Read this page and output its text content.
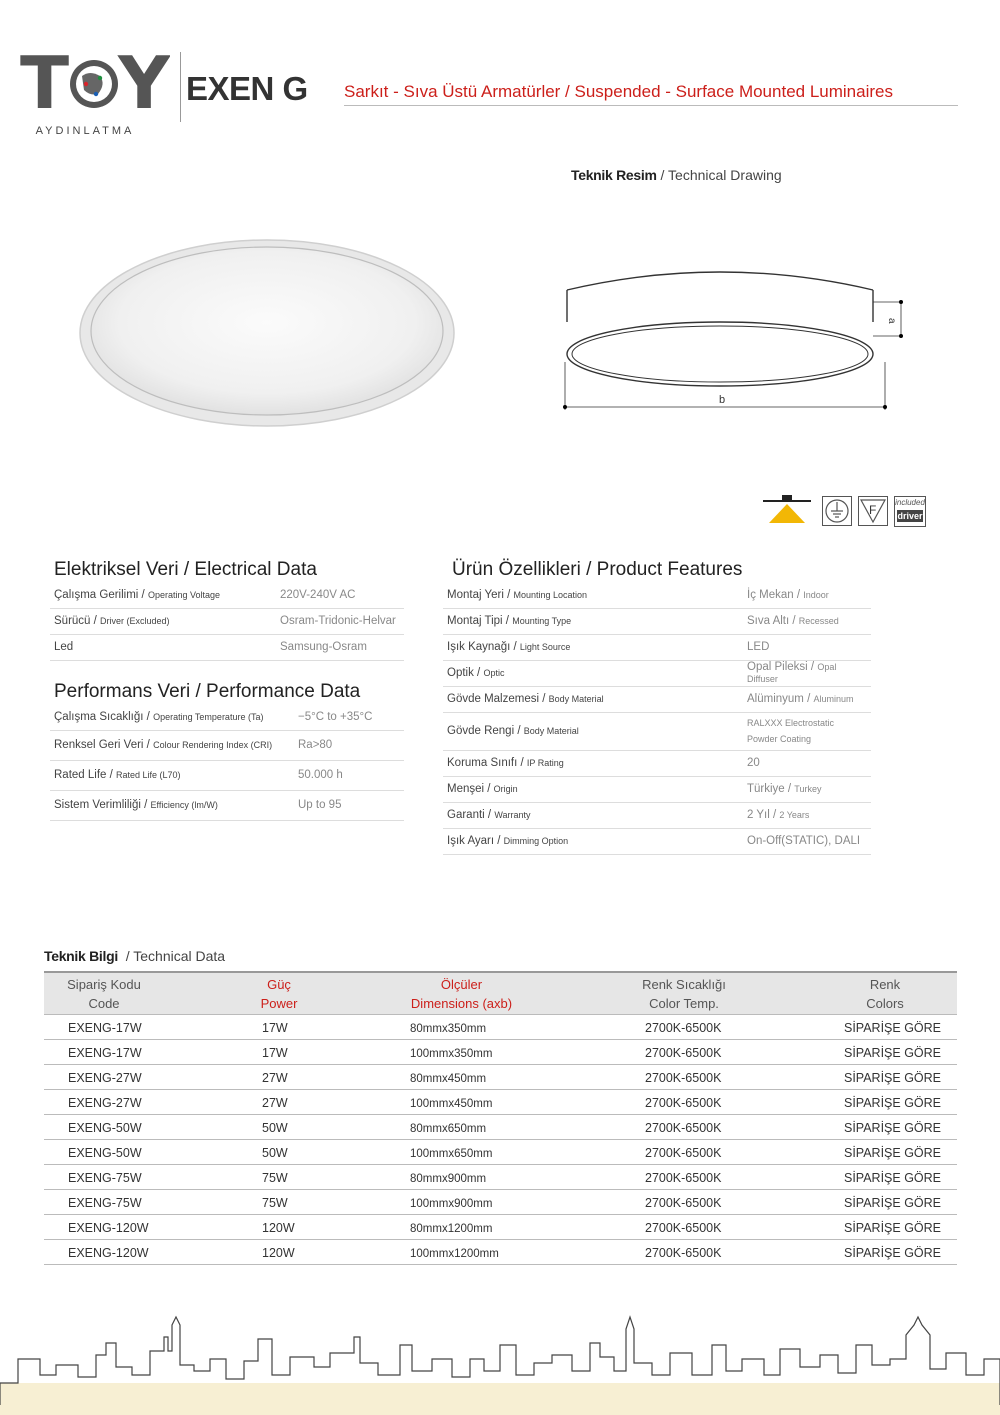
T Y
AYDINLATMA
EXEN G Sarkıt - Sıva Üstü Armatürler / Suspended - Surface Mounted Luminaires
Teknik Resim / Technical Drawing
a
b
F
included
driver
Elektriksel Veri / Electrical Data
Çalışma Gerilimi / Operating Voltage	220V-240V AC
Sürücü / Driver (Excluded)	Osram-Tridonic-Helvar
Led	Samsung-Osram
Performans Veri / Performance Data
Çalışma Sıcaklığı / Operating Temperature (Ta)	−5°C to +35°C
Renksel Geri Veri / Colour Rendering Index (CRI)	Ra>80
Rated Life / Rated Life (L70)	50.000 h
Sistem Verimliliği / Efficiency (lm/W)	Up to 95
Ürün Özellikleri / Product Features
Montaj Yeri / Mounting Location	İç Mekan / Indoor
Montaj Tipi / Mounting Type	Sıva Altı / Recessed
Işık Kaynağı / Light Source	LED
Optik / Optic	Opal Pileksi / Opal Diffuser
Gövde Malzemesi / Body Material	Alüminyum / Aluminum
Gövde Rengi / Body Material	RALXXX Electrostatic Powder Coating

Koruma Sınıfı / IP Rating	20
Menşei / Origin	Türkiye / Turkey
Garanti / Warranty	2 Yıl / 2 Years
Işık Ayarı / Dimming Option	On-Off(STATIC), DALI
Teknik Bilgi  / Technical Data
Sipariş Kodu
Code
Güç
Power
Ölçüler
Dimensions (axb)
Renk Sıcaklığı
Color Temp.
Renk
Colors
EXENG-17W	17W	80mmx350mm	2700K-6500K	SİPARİŞE GÖRE
EXENG-17W	17W	100mmx350mm	2700K-6500K	SİPARİŞE GÖRE
EXENG-27W	27W	80mmx450mm	2700K-6500K	SİPARİŞE GÖRE
EXENG-27W	27W	100mmx450mm	2700K-6500K	SİPARİŞE GÖRE
EXENG-50W	50W	80mmx650mm	2700K-6500K	SİPARİŞE GÖRE
EXENG-50W	50W	100mmx650mm	2700K-6500K	SİPARİŞE GÖRE
EXENG-75W	75W	80mmx900mm	2700K-6500K	SİPARİŞE GÖRE
EXENG-75W	75W	100mmx900mm	2700K-6500K	SİPARİŞE GÖRE
EXENG-120W	120W	80mmx1200mm	2700K-6500K	SİPARİŞE GÖRE
EXENG-120W	120W	100mmx1200mm	2700K-6500K	SİPARİŞE GÖRE
